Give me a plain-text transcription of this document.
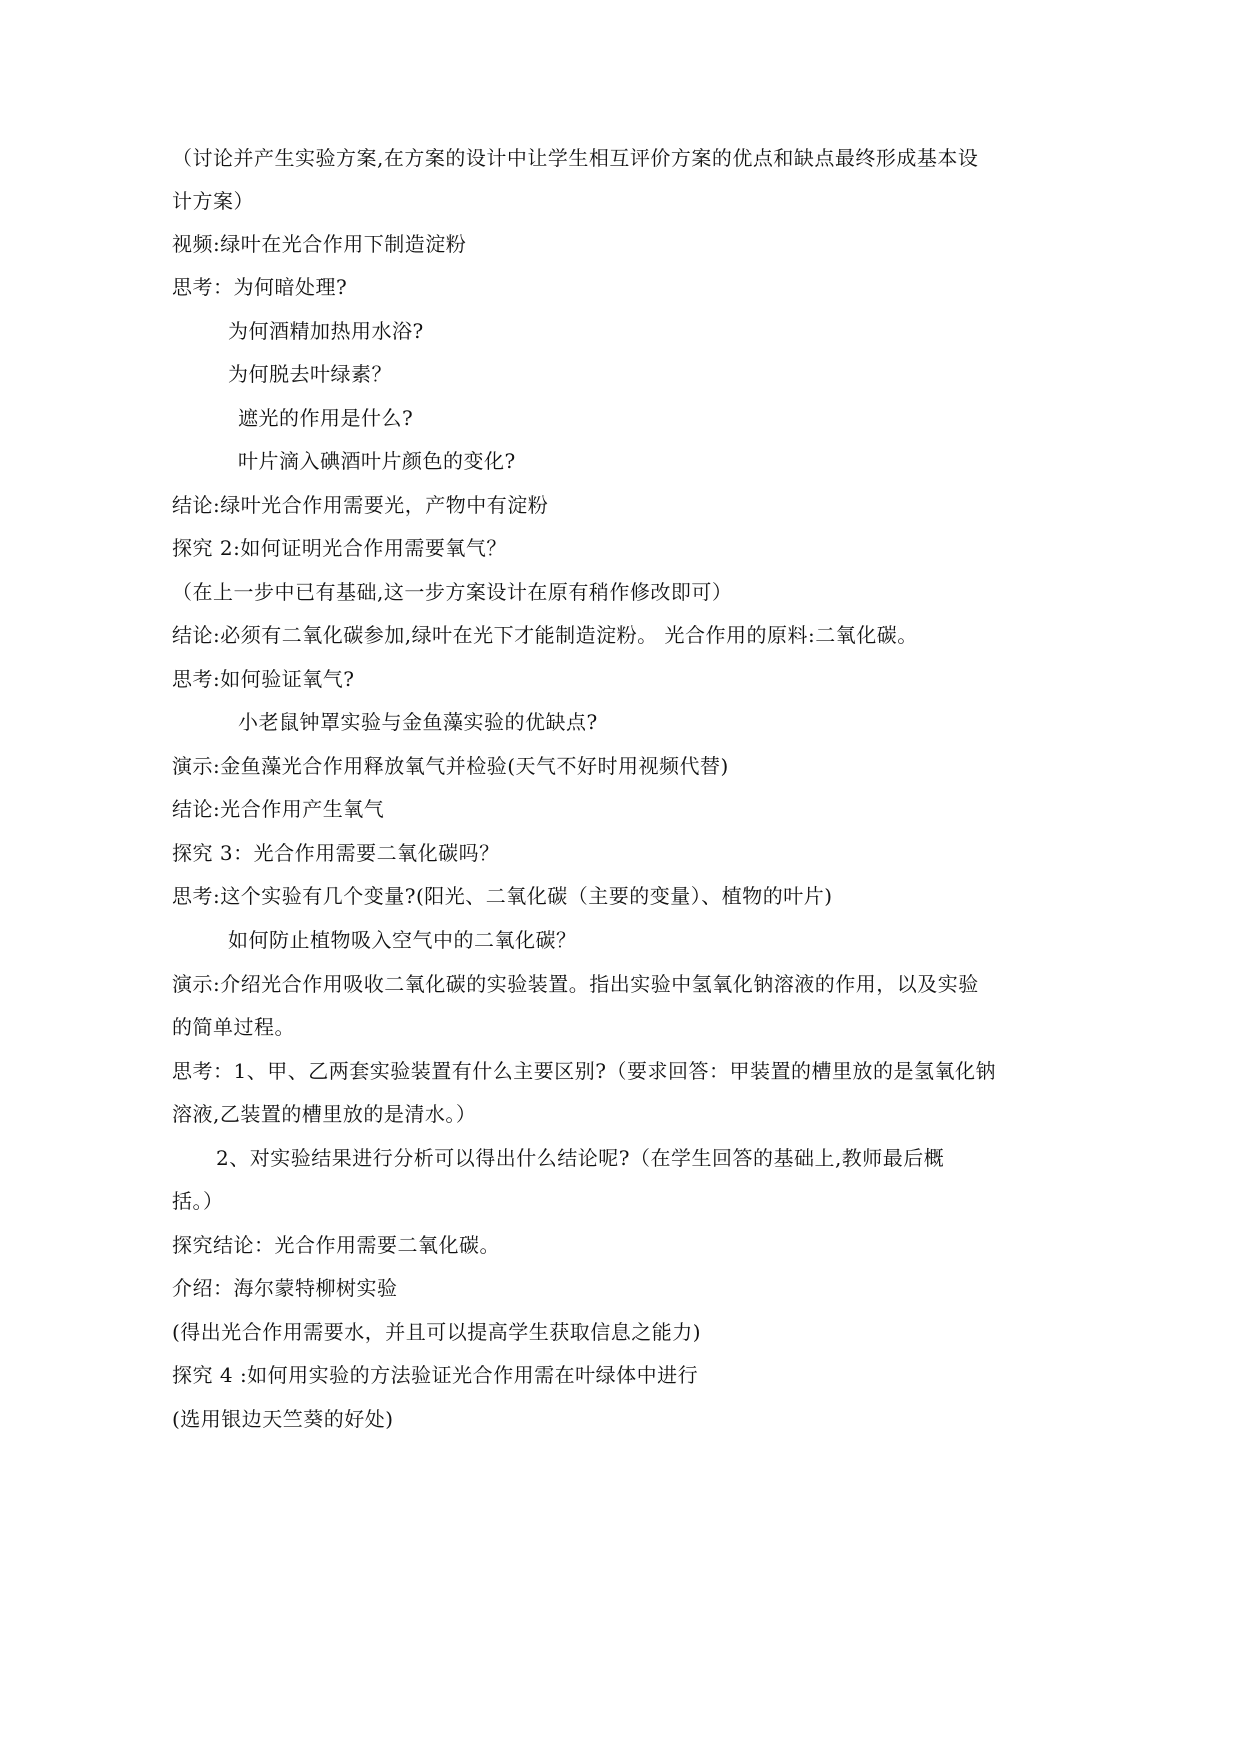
（讨论并产生实验方案,在方案的设计中让学生相互评价方案的优点和缺点最终形成基本设
计方案）
视频:绿叶在光合作用下制造淀粉
思考：为何暗处理?
为何酒精加热用水浴?
为何脱去叶绿素？
遮光的作用是什么?
叶片滴入碘酒叶片颜色的变化?
结论:绿叶光合作用需要光，产物中有淀粉
探究 2:如何证明光合作用需要氧气？
（在上一步中已有基础,这一步方案设计在原有稍作修改即可）
结论:必须有二氧化碳参加,绿叶在光下才能制造淀粉。 光合作用的原料:二氧化碳。
思考:如何验证氧气?
小老鼠钟罩实验与金鱼藻实验的优缺点?
演示:金鱼藻光合作用释放氧气并检验(天气不好时用视频代替)
结论:光合作用产生氧气
探究 3：光合作用需要二氧化碳吗？
思考:这个实验有几个变量?(阳光、二氧化碳（主要的变量）、植物的叶片)
如何防止植物吸入空气中的二氧化碳？
演示:介绍光合作用吸收二氧化碳的实验装置。指出实验中氢氧化钠溶液的作用，以及实验
的简单过程。
思考：1、甲、乙两套实验装置有什么主要区别?（要求回答：甲装置的槽里放的是氢氧化钠
溶液,乙装置的槽里放的是清水。）
2、对实验结果进行分析可以得出什么结论呢?（在学生回答的基础上,教师最后概
括。）
探究结论：光合作用需要二氧化碳。
介绍：海尔蒙特柳树实验
(得出光合作用需要水，并且可以提高学生获取信息之能力)
探究 4 :如何用实验的方法验证光合作用需在叶绿体中进行
(选用银边天竺葵的好处)
